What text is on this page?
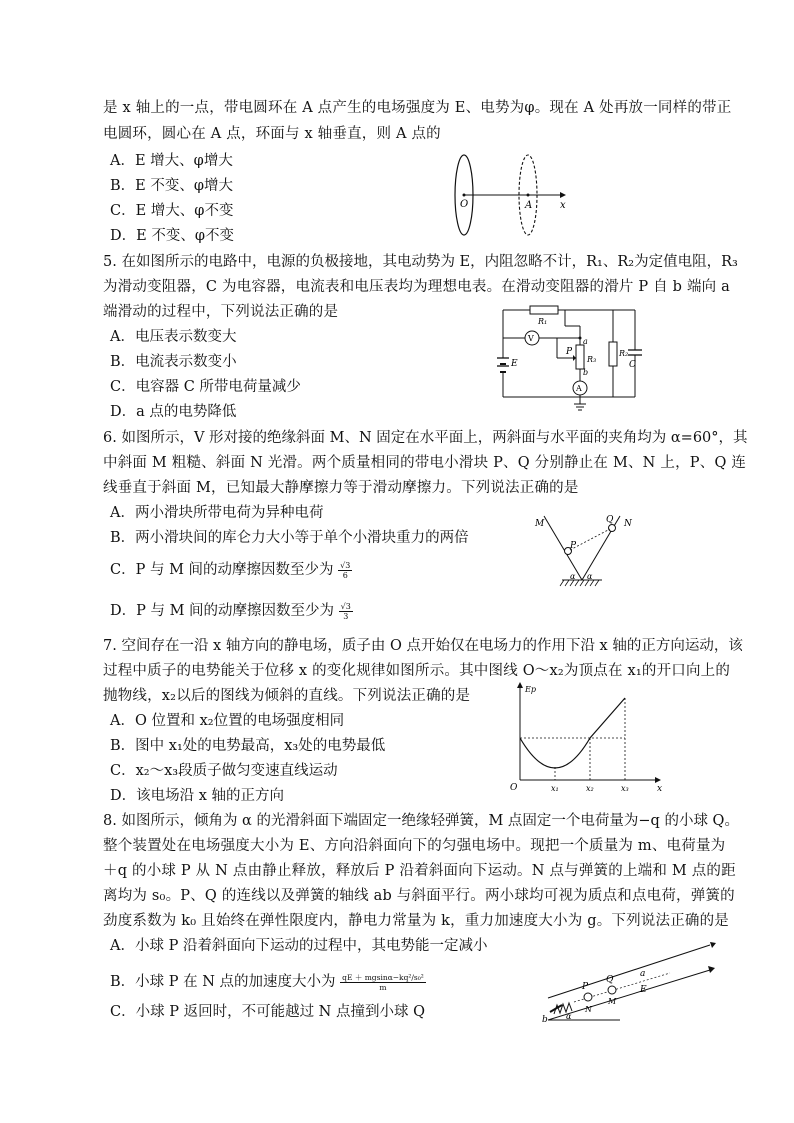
是 x 轴上的一点，带电圆环在 A 点产生的电场强度为 E、电势为φ。现在 A 处再放一同样的带正
电圆环，圆心在 A 点，环面与 x 轴垂直，则 A 点的
A．E 增大、φ增大
B．E 不变、φ增大
C．E 增大、φ不变
D．E 不变、φ不变
O	A	x
5. 在如图所示的电路中，电源的负极接地，其电动势为 E，内阻忽略不计，R₁、R₂为定值电阻，R₃
为滑动变阻器，C 为电容器，电流表和电压表均为理想电表。在滑动变阻器的滑片 P 自 b 端向 a
端滑动的过程中，下列说法正确的是
A．电压表示数变大
B．电流表示数变小
C．电容器 C 所带电荷量减少
D．a 点的电势降低
E
R₁
V
R₃
a
b
P
A
R₂
C
6. 如图所示，V 形对接的绝缘斜面 M、N 固定在水平面上，两斜面与水平面的夹角均为 α=60°，其
中斜面 M 粗糙、斜面 N 光滑。两个质量相同的带电小滑块 P、Q 分别静止在 M、N 上，P、Q 连
线垂直于斜面 M，已知最大静摩擦力等于滑动摩擦力。下列说法正确的是
A．两小滑块所带电荷为异种电荷
B．两小滑块间的库仑力大小等于单个小滑块重力的两倍
C．P 与 M 间的动摩擦因数至少为 $\frac{√3}{6}$
D．P 与 M 间的动摩擦因数至少为 $\frac{√3}{3}$
M	N
P
Q
α α
7. 空间存在一沿 x 轴方向的静电场，质子由 O 点开始仅在电场力的作用下沿 x 轴的正方向运动，该
过程中质子的电势能关于位移 x 的变化规律如图所示。其中图线 O～x₂为顶点在 x₁的开口向上的
抛物线，x₂以后的图线为倾斜的直线。下列说法正确的是
A．O 位置和 x₂位置的电场强度相同
B．图中 x₁处的电势最高，x₃处的电势最低
C．x₂～x₃段质子做匀变速直线运动
D．该电场沿 x 轴的正方向
Ep
O	x₁	x₂	x₃	x
8. 如图所示，倾角为 α 的光滑斜面下端固定一绝缘轻弹簧，M 点固定一个电荷量为−q 的小球 Q。
整个装置处在电场强度大小为 E、方向沿斜面向下的匀强电场中。现把一个质量为 m、电荷量为
＋q 的小球 P 从 N 点由静止释放，释放后 P 沿着斜面向下运动。N 点与弹簧的上端和 M 点的距
离均为 s₀。P、Q 的连线以及弹簧的轴线 ab 与斜面平行。两小球均可视为质点和点电荷，弹簧的
劲度系数为 k₀ 且始终在弹性限度内，静电力常量为 k，重力加速度大小为 g。下列说法正确的是
A．小球 P 沿着斜面向下运动的过程中，其电势能一定减小
B．小球 P 在 N 点的加速度大小为 $\frac{\text{qE ＋ mgsinα−kq²/s₀²}}{m}$
C．小球 P 返回时，不可能越过 N 点撞到小球 Q
P
Q
N
M
a
E
b α
